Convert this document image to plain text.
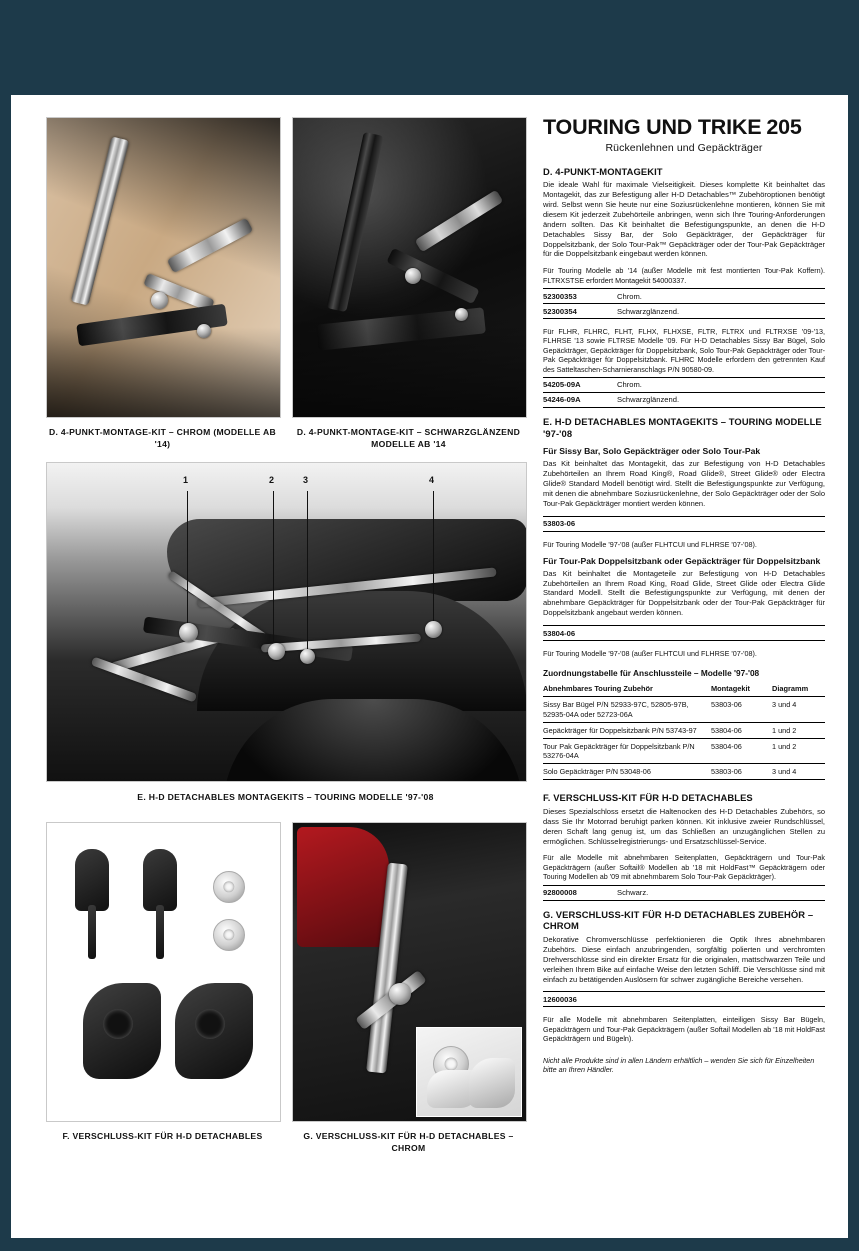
D. 4-PUNKT-MONTAGE-KIT – CHROM (MODELLE AB '14)
D. 4-PUNKT-MONTAGE-KIT – SCHWARZGLÄNZEND MODELLE AB '14
1	2	3	4
E. H-D DETACHABLES MONTAGEKITS – TOURING MODELLE '97-'08
F. VERSCHLUSS-KIT FÜR H-D DETACHABLES	G. VERSCHLUSS-KIT FÜR H-D DETACHABLES – CHROM
TOURING UND TRIKE 205
Rückenlehnen und Gepäckträger
D. 4-PUNKT-MONTAGEKIT

Die ideale Wahl für maximale Vielseitigkeit. Dieses komplette Kit beinhaltet das Montagekit, das zur Befestigung aller H-D Detachables™ Zubehöroptionen benötigt wird. Selbst wenn Sie heute nur eine Soziusrückenlehne montieren, können Sie mit diesem Kit jederzeit Zubehörteile anbringen, wenn sich Ihre Touring-Anforderungen ändern sollten. Das Kit beinhaltet die Befestigungspunkte, an denen die H-D Detachables Sissy Bar, der Solo Gepäckträger, der Gepäckträger für Doppelsitzbank, der Solo Tour-Pak™ Gepäckträger oder der Tour-Pak Gepäckträger für die Doppelsitzbank eingebaut werden können.

Für Touring Modelle ab '14 (außer Modelle mit fest montierten Tour-Pak Koffern). FLTRXSTSE erfordert Montagekit 54000337.

52300353	Chrom.
52300354	Schwarzglänzend.

Für FLHR, FLHRC, FLHT, FLHX, FLHXSE, FLTR, FLTRX und FLTRXSE '09-'13, FLHRSE '13 sowie FLTRSE Modelle '09. Für H-D Detachables Sissy Bar Bügel, Solo Gepäckträger, Gepäckträger für Doppelsitzbank, Solo Tour-Pak Gepäckträger oder Tour-Pak Gepäckträger für Doppelsitzbank. FLHRC Modelle erfordern den getrennten Kauf des Satteltaschen-Scharnieranschlags P/N 90580-09.

54205-09A	Chrom.
54246-09A	Schwarzglänzend.
E. H-D DETACHABLES MONTAGEKITS – TOURING MODELLE '97-'08
Für Sissy Bar, Solo Gepäckträger oder Solo Tour-Pak

Das Kit beinhaltet das Montagekit, das zur Befestigung von H-D Detachables Zubehörteilen an Ihrem Road King®, Road Glide®, Street Glide® oder Electra Glide® Standard Modell benötigt wird. Stellt die Befestigungspunkte zur Verfügung, mit denen die abnehmbare Soziusrückenlehne, der Solo Gepäckträger oder der Solo Tour-Pak Gepäckträger montiert werden können.

53803-06	

Für Touring Modelle '97-'08 (außer FLHTCUI und FLHRSE '07-'08).

Für Tour-Pak Doppelsitzbank oder Gepäckträger für Doppelsitzbank

Das Kit beinhaltet die Montageteile zur Befestigung von H-D Detachables Zubehörteilen an Ihrem Road King, Road Glide, Street Glide oder Electra Glide Standard Modell. Stellt die Befestigungspunkte zur Verfügung, mit denen der abnehmbare Gepäckträger für Doppelsitzbank oder der Tour-Pak Gepäckträger für Doppelsitzbank angebaut werden können.

53804-06	

Für Touring Modelle '97-'08 (außer FLHTCUI und FLHRSE '07-'08).

Zuordnungstabelle für Anschlussteile – Modelle '97-'08
Abnehmbares Touring Zubehör	Montagekit	Diagramm
Sissy Bar Bügel P/N 52933-97C, 52805-97B, 52935-04A oder 52723-06A	53803-06	3 und 4
Gepäckträger für Doppelsitzbank P/N 53743-97	53804-06	1 und 2
Tour Pak Gepäckträger für Doppelsitzbank P/N 53276-04A	53804-06	1 und 2
Solo Gepäckträger P/N 53048-06	53803-06	3 und 4
F. VERSCHLUSS-KIT FÜR H-D DETACHABLES

Dieses Spezialschloss ersetzt die Haltenocken des H-D Detachables Zubehörs, so dass Sie Ihr Motorrad beruhigt parken können. Kit inklusive zweier Rundschlüssel, deren Schaft lang genug ist, um das Schließen an unzugänglichen Stellen zu ermöglichen. Schlüsselregistrierungs- und Ersatzschlüssel-Service.

Für alle Modelle mit abnehmbaren Seitenplatten, Gepäckträgern und Tour-Pak Gepäckträgern (außer Softail® Modellen ab '18 mit HoldFast™ Gepäckträgern oder Touring Modellen ab '09 mit abnehmbarem Solo Tour-Pak Gepäckträger).

92800008	Schwarz.
G. VERSCHLUSS-KIT FÜR H-D DETACHABLES ZUBEHÖR – CHROM

Dekorative Chromverschlüsse perfektionieren die Optik Ihres abnehmbaren Zubehörs. Diese einfach anzubringenden, sorgfältig polierten und verchromten Drehverschlüsse sind ein direkter Ersatz für die originalen, mattschwarzen Teile und verleihen Ihrem Bike auf einfache Weise den letzten Schliff. Die Verschlüsse sind mit einfach zu betätigenden Auslösern für schwer zugängliche Bereiche versehen.

12600036	

Für alle Modelle mit abnehmbaren Seitenplatten, einteiligen Sissy Bar Bügeln, Gepäckträgern und Tour-Pak Gepäckträgern (außer Softail Modellen ab '18 mit HoldFast Gepäckträgern und Bügeln).

Nicht alle Produkte sind in allen Ländern erhältlich – wenden Sie sich für Einzelheiten bitte an Ihren Händler.
